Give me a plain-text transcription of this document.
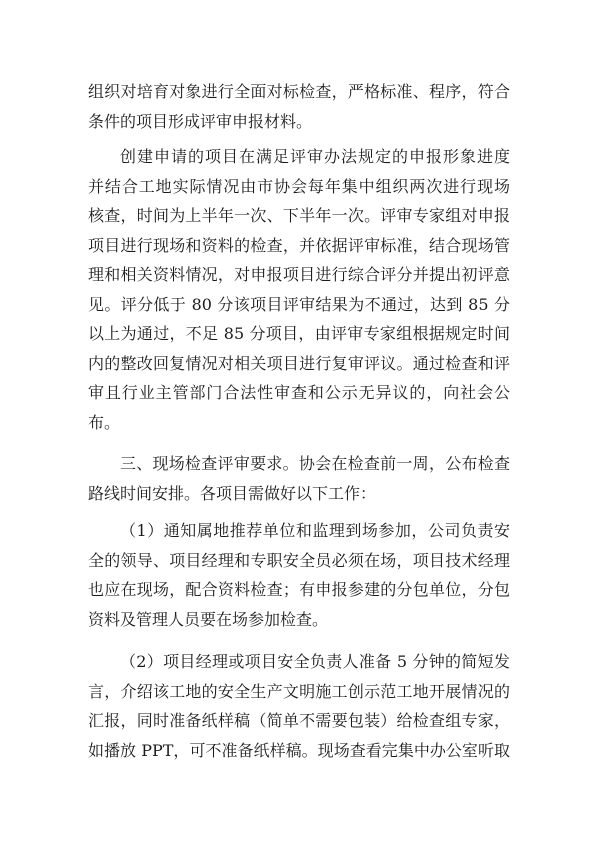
组织对培育对象进行全面对标检查，严格标准、程序，符合
条件的项目形成评审申报材料。
创建申请的项目在满足评审办法规定的申报形象进度
并结合工地实际情况由市协会每年集中组织两次进行现场
核查，时间为上半年一次、下半年一次。评审专家组对申报
项目进行现场和资料的检查，并依据评审标准，结合现场管
理和相关资料情况，对申报项目进行综合评分并提出初评意
见。评分低于 80 分该项目评审结果为不通过，达到 85 分
以上为通过，不足 85 分项目，由评审专家组根据规定时间
内的整改回复情况对相关项目进行复审评议。通过检查和评
审且行业主管部门合法性审查和公示无异议的，向社会公
布。
三、现场检查评审要求。协会在检查前一周，公布检查
路线时间安排。各项目需做好以下工作：
（1）通知属地推荐单位和监理到场参加，公司负责安
全的领导、项目经理和专职安全员必须在场，项目技术经理
也应在现场，配合资料检查；有申报参建的分包单位，分包
资料及管理人员要在场参加检查。
（2）项目经理或项目安全负责人准备 5 分钟的简短发
言，介绍该工地的安全生产文明施工创示范工地开展情况的
汇报，同时准备纸样稿（简单不需要包装）给检查组专家，
如播放 PPT，可不准备纸样稿。现场查看完集中办公室听取
